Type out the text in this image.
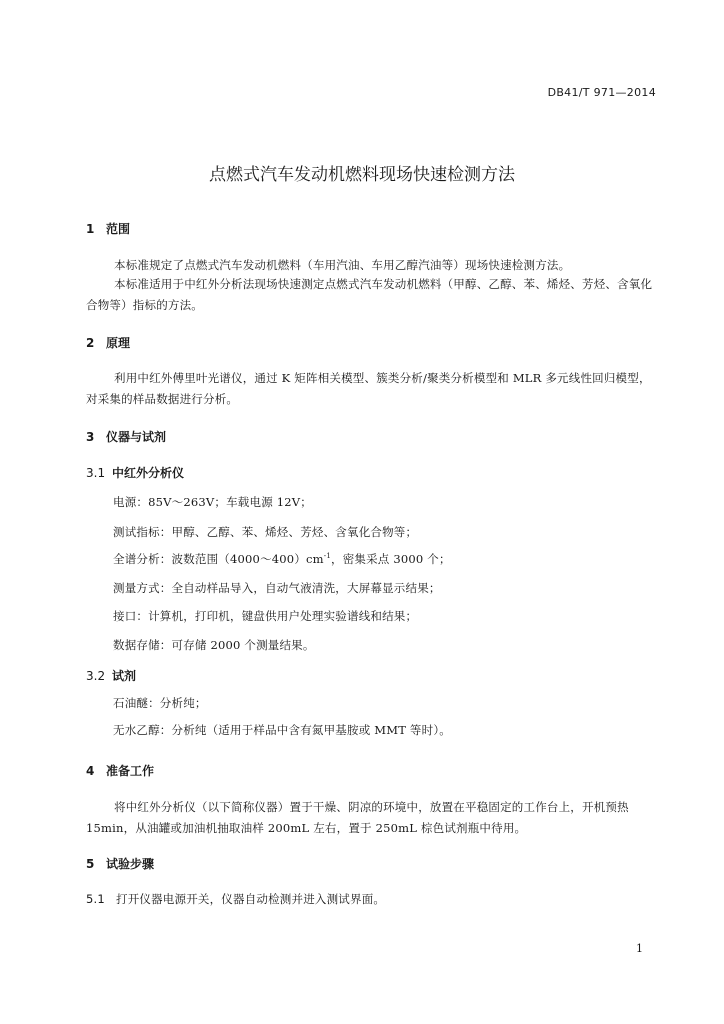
DB41/T 971—2014
点燃式汽车发动机燃料现场快速检测方法
1 范围

本标准规定了点燃式汽车发动机燃料（车用汽油、车用乙醇汽油等）现场快速检测方法。

本标准适用于中红外分析法现场快速测定点燃式汽车发动机燃料（甲醇、乙醇、苯、烯烃、芳烃、含氧化合物等）指标的方法。

2 原理

利用中红外傅里叶光谱仪，通过 K 矩阵相关模型、簇类分析/聚类分析模型和 MLR 多元线性回归模型，对采集的样品数据进行分析。

3 仪器与试剂
3.1 中红外分析仪

电源：85V～263V；车载电源 12V；

测试指标：甲醇、乙醇、苯、烯烃、芳烃、含氧化合物等；

全谱分析：波数范围$(4000\sim 400)cm^{-1}$，密集采点 3000 个；

测量方式：全自动样品导入，自动气液清洗，大屏幕显示结果；

接口：计算机，打印机，键盘供用户处理实验谱线和结果；

数据存储：可存储 2000 个测量结果。

3.2 试剂

石油醚：分析纯；

无水乙醇：分析纯（适用于样品中含有氮甲基胺或 MMT 等时）。

4 准备工作

将中红外分析仪（以下简称仪器）置于干燥、阴凉的环境中，放置在平稳固定的工作台上，开机预热 15min，从油罐或加油机抽取油样 200mL 左右，置于 250mL 棕色试剂瓶中待用。

5 试验步骤

5.1 打开仪器电源开关，仪器自动检测并进入测试界面。

1
